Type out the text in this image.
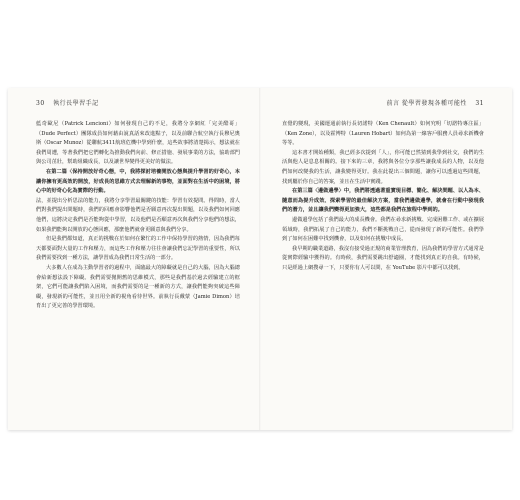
30 執行長學習手記

藍奇歐尼（Patrick Lencioni）如何發現自己的不足，我將分享網紅「完美酷哥」（Dude Perfect）團隊成員如何藉由說真話來改進點子，以及前聯合航空執行長穆尼奧斯（Oscar Munoz）從聯航3411航班危機中學到什麼，這些故事將清楚揭示，想法就在我們周遭，等著我們把它們轉化為推動我們向前、修正措施、發展事業的方法，協助部門與公司茁壯，幫助組織成長，以及讓世界變得更美好的做法。

在第二篇〈保持開放好奇心態，中，我將探討培養開放心態與提升學習的好奇心，本讓你擁有更高效的開放，好成長的思維方式去理解新的事物，並面對在生活中的困境，將心中的好奇心化為實際的行動。

法，並提出分析思法的能力，我將分享學習最關鍵的技能：學習有效提問。得問時，當人們對我們提出問題時，我們的回應會影響他們是否願意再次提出問題，以及我們如何回應他們，這將決定我們是否能夠從中學習，以及他們是否願意再次與我們分享他們的想法，如果我們能夠以開放的心態回應，那麼他們就會更願意與我們分享。

但是我們都知道，真正的挑戰在於如何在繁忙的工作中保持學習的熱情，因為我們每天都要面對大量的工作和壓力，而這些工作和壓力往往會讓我們忘記學習的重要性，所以我們需要找到一種方法，讓學習成為我們日常生活的一部分。

大多數人在成為主動學習者的過程中，面臨最大的障礙就是自己的大腦，因為大腦總會給新想法設下障礙。我們需要拋開舊的思維模式，那些是我們基於過去經驗建立的框架，它們可能讓我們陷入困境，而我們需要的是一種新的方式，讓我們能夠突破這些障礙，發現新的可能性，並且用全新的視角看待世界。前執行長戴蒙（Jamie Dimon）培育出了更完善的學習環境。

前言 從學習發現各種可能性 31

直覺的變現，美國運通前執行長切諾特（Ken Chenault）如何究明「切諾特專注區」（Ken Zone），以及霍博特（Lauren Hobart）如何為第一線客戶服務人員尋求新機會等等。

這本書才開始種類，我已經多次提到「人」，你可能已然猜到我學到社交，我們的生活與他人是息息相關的。接下來的三章，我將與各位分享那些讓我成長的人物，以及他們如何改變我的生活，讓我變得更好。我在此提出三個問題，讓你可以透過這些問題，找到屬於你自己的答案，並且在生活中實踐。

在第三篇〈邊做邊學〉中，我們將透過著重實現目標、簡化、解決問題、以人為本、隨意而為提升成效、探索學習的最佳解決方案，當我們邊做邊學，就會在行動中發現我們的潛力，並且讓我們變得更加強大，這些都是我們在旅程中學到的。

邊做邊學包括了我們最大的成長機會。我們在尋求新挑戰、完成困難工作、或在擴展領域時，我們拓展了自己的能力，我們不斷挑戰自己，從而發現了新的可能性。我們學到了如何在困難中找到機會，以及如何在挑戰中成長。

我早期的職業道路，我沒有接受過正規的商業管理教育，因為我們的學習方式通常是從實際經驗中獲得的。有時候，我們需要跳出舒適圈，才能找到真正的自我。有時候，只是經過上網搜尋一下，只要你有人可以問，在 YouTube 影片中都可以找到。
